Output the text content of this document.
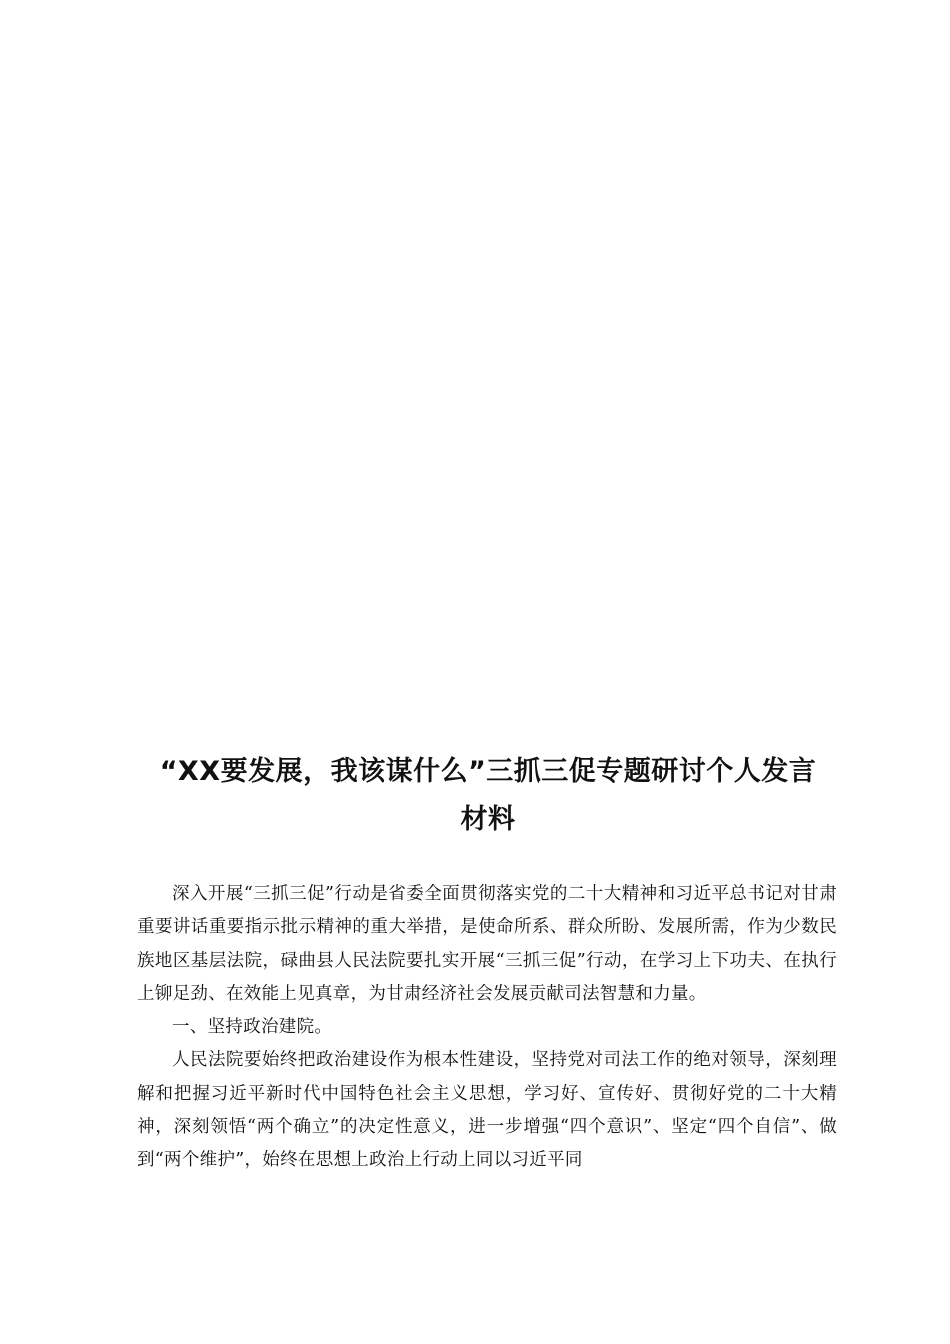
“XX要发展，我该谋什么”三抓三促专题研讨个人发言
材料

深入开展“三抓三促”行动是省委全面贯彻落实党的二十大精神和习近平总书记对甘肃重要讲话重要指示批示精神的重大举措，是使命所系、群众所盼、发展所需，作为少数民族地区基层法院，碌曲县人民法院要扎实开展“三抓三促”行动，在学习上下功夫、在执行上铆足劲、在效能上见真章，为甘肃经济社会发展贡献司法智慧和力量。

一、坚持政治建院。

人民法院要始终把政治建设作为根本性建设，坚持党对司法工作的绝对领导，深刻理解和把握习近平新时代中国特色社会主义思想，学习好、宣传好、贯彻好党的二十大精神，深刻领悟“两个确立”的决定性意义，进一步增强“四个意识”、坚定“四个自信”、做到“两个维护”，始终在思想上政治上行动上同以习近平同
